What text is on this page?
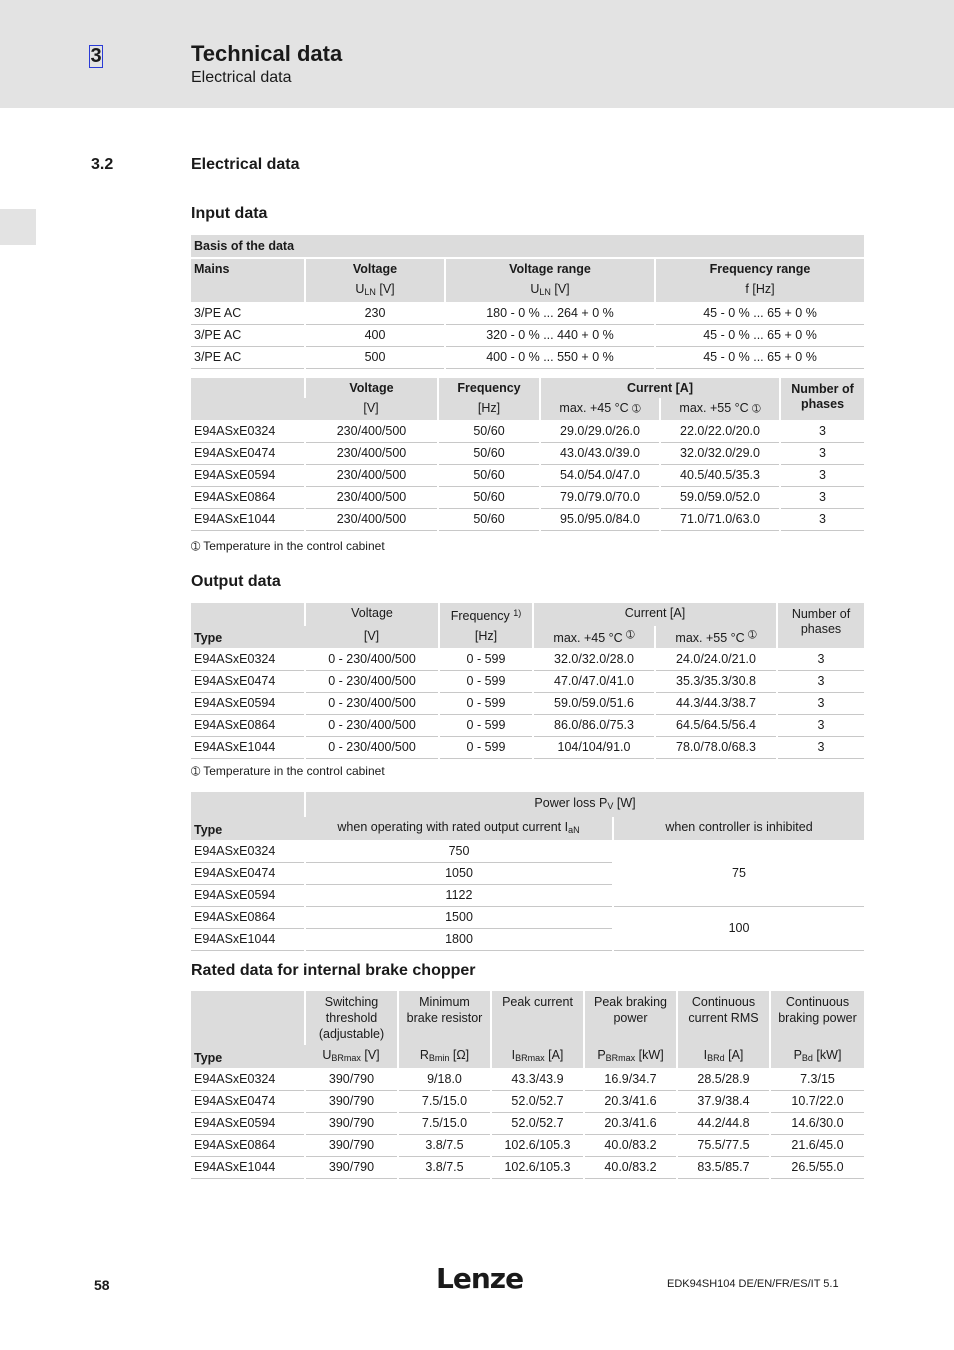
3	Technical data
Electrical data
3.2	Electrical data
Input data
Basis of the data			
Mains	Voltage	Voltage range	Frequency range
	$U_{LN}$ [V]	$U_{LN}$ [V]	f [Hz]
3/PE AC	230	180 - 0 % ... 264 + 0 %	45 - 0 % ... 65 + 0 %
3/PE AC	400	320 - 0 % ... 440 + 0 %	45 - 0 % ... 65 + 0 %
3/PE AC	500	400 - 0 % ... 550 + 0 %	45 - 0 % ... 65 + 0 %
	Voltage	Frequency	Current [A]		Number of phases
	[V]	[Hz]	max. +45 °C ➀	max. +55 °C ➀	
E94ASxE0324	230/400/500	50/60	29.0/29.0/26.0	22.0/22.0/20.0	3
E94ASxE0474	230/400/500	50/60	43.0/43.0/39.0	32.0/32.0/29.0	3
E94ASxE0594	230/400/500	50/60	54.0/54.0/47.0	40.5/40.5/35.3	3
E94ASxE0864	230/400/500	50/60	79.0/79.0/70.0	59.0/59.0/52.0	3
E94ASxE1044	230/400/500	50/60	95.0/95.0/84.0	71.0/71.0/63.0	3
➀ Temperature in the control cabinet
Output data
Type	Voltage	Frequency $^{1)}$	Current [A]		Number of phases
	[V]	[Hz]	max. +45 °C $^➀$	max. +55 °C $^➀$
E94ASxE0324	0 - 230/400/500	0 - 599	32.0/32.0/28.0	24.0/24.0/21.0	3
E94ASxE0474	0 - 230/400/500	0 - 599	47.0/47.0/41.0	35.3/35.3/30.8	3
E94ASxE0594	0 - 230/400/500	0 - 599	59.0/59.0/51.6	44.3/44.3/38.7	3
E94ASxE0864	0 - 230/400/500	0 - 599	86.0/86.0/75.3	64.5/64.5/56.4	3
E94ASxE1044	0 - 230/400/500	0 - 599	104/104/91.0	78.0/78.0/68.3	3
➀ Temperature in the control cabinet
Type	Power loss $P_V$ [W]	
	when operating with rated output current $I_{aN}$	when controller is inhibited
E94ASxE0324	750	75
E94ASxE0474	1050	
E94ASxE0594	1122	
E94ASxE0864	1500	100
E94ASxE1044	1800	
Rated data for internal brake chopper
Type	Switching threshold (adjustable)	Minimum brake resistor	Peak current	Peak braking power	Continuous current RMS	Continuous braking power
	$U_{BRmax}$ [V]	$R_{Bmin}$ [Ω]	$I_{BRmax}$ [A]	$P_{BRmax}$ [kW]	$I_{BRd}$ [A]	$P_{Bd}$ [kW]
E94ASxE0324	390/790	9/18.0	43.3/43.9	16.9/34.7	28.5/28.9	7.3/15
E94ASxE0474	390/790	7.5/15.0	52.0/52.7	20.3/41.6	37.9/38.4	10.7/22.0
E94ASxE0594	390/790	7.5/15.0	52.0/52.7	20.3/41.6	44.2/44.8	14.6/30.0
E94ASxE0864	390/790	3.8/7.5	102.6/105.3	40.0/83.2	75.5/77.5	21.6/45.0
E94ASxE1044	390/790	3.8/7.5	102.6/105.3	40.0/83.2	83.5/85.7	26.5/55.0
58	Lenze	EDK94SH104 DE/EN/FR/ES/IT 5.1
